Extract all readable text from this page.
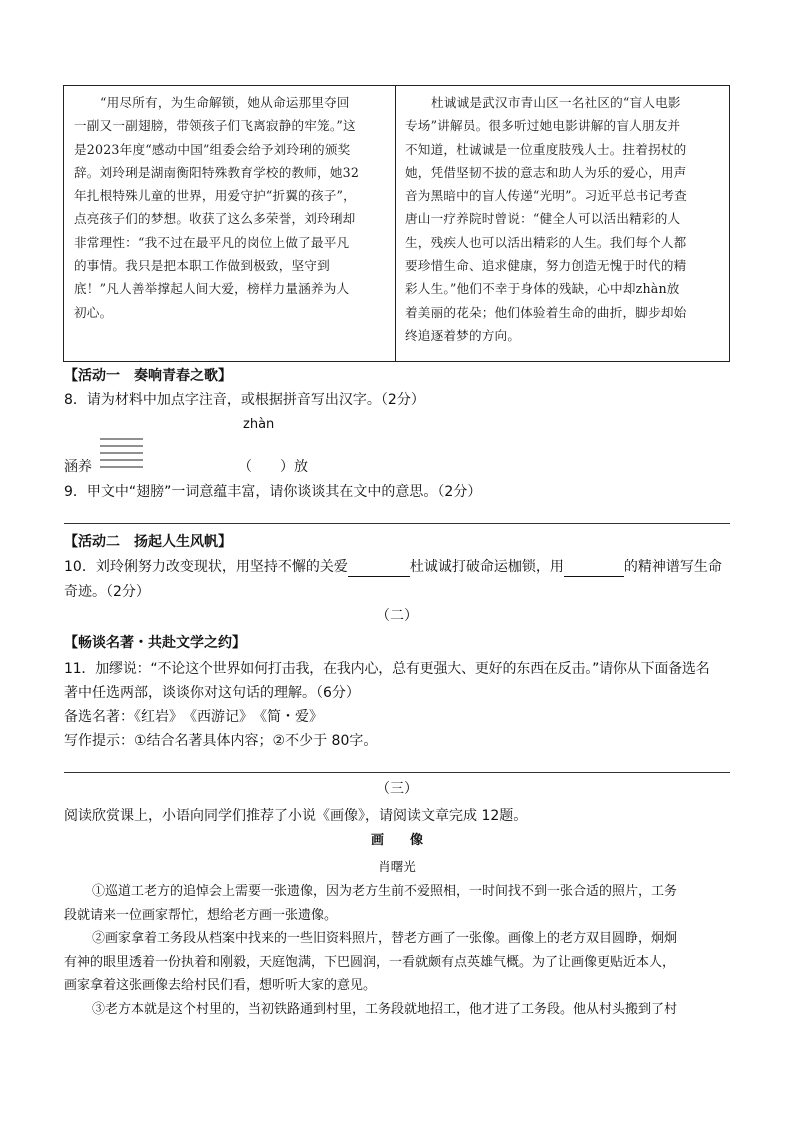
“用尽所有，为生命解锁，她从命运那里夺回

一副又一副翅膀，带领孩子们飞离寂静的牢笼。”这

是2023年度“感动中国”组委会给予刘玲琍的颁奖

辞。刘玲琍是湖南衡阳特殊教育学校的教师，她32

年扎根特殊儿童的世界，用爱守护“折翼的孩子”，

点亮孩子们的梦想。收获了这么多荣誉，刘玲琍却

非常理性：“我不过在最平凡的岗位上做了最平凡

的事情。我只是把本职工作做到极致，坚守到

底！”凡人善举撑起人间大爱，榜样力量涵养为人

初心。

杜诚诚是武汉市青山区一名社区的“盲人电影

专场”讲解员。很多听过她电影讲解的盲人朋友并

不知道，杜诚诚是一位重度肢残人士。拄着拐杖的

她，凭借坚韧不拔的意志和助人为乐的爱心，用声

音为黑暗中的盲人传递“光明”。习近平总书记考查

唐山一疗养院时曾说：“健全人可以活出精彩的人

生，残疾人也可以活出精彩的人生。我们每个人都

要珍惜生命、追求健康，努力创造无愧于时代的精

彩人生。”他们不幸于身体的残缺，心中却zhàn放

着美丽的花朵；他们体验着生命的曲折，脚步却始

终追逐着梦的方向。

【活动一　奏响青春之歌】
8．请为材料中加点字注音，或根据拼音写出汉字。（2分）
zhàn
涵养	（　　）放
9．甲文中“翅膀”一词意蕴丰富，请你谈谈其在文中的意思。（2分）
【活动二　扬起人生风帆】
10．刘玲俐努力改变现状，用坚持不懈的关爱	杜诚诚打破命运枷锁，用	的精神谱写生命
奇迹。（2分）
（二）
【畅谈名著・共赴文学之约】
11．加缪说：“不论这个世界如何打击我，在我内心，总有更强大、更好的东西在反击。”请你从下面备选名
著中任选两部，谈谈你对这句话的理解。（6分）
备选名著：《红岩》　《西游记》　《简・爱》
写作提示：①结合名著具体内容；②不少于 80字。
（三）
阅读欣赏课上，小语向同学们推荐了小说《画像》，请阅读文章完成 12题。
画　　像
肖曙光
①巡道工老方的追悼会上需要一张遗像，因为老方生前不爱照相，一时间找不到一张合适的照片，工务
段就请来一位画家帮忙，想给老方画一张遗像。
②画家拿着工务段从档案中找来的一些旧资料照片，替老方画了一张像。画像上的老方双目圆睁，炯炯
有神的眼里透着一份执着和刚毅，天庭饱满，下巴圆润，一看就颇有点英雄气概。为了让画像更贴近本人，
画家拿着这张画像去给村民们看，想听听大家的意见。
③老方本就是这个村里的，当初铁路通到村里，工务段就地招工，他才进了工务段。他从村头搬到了村
